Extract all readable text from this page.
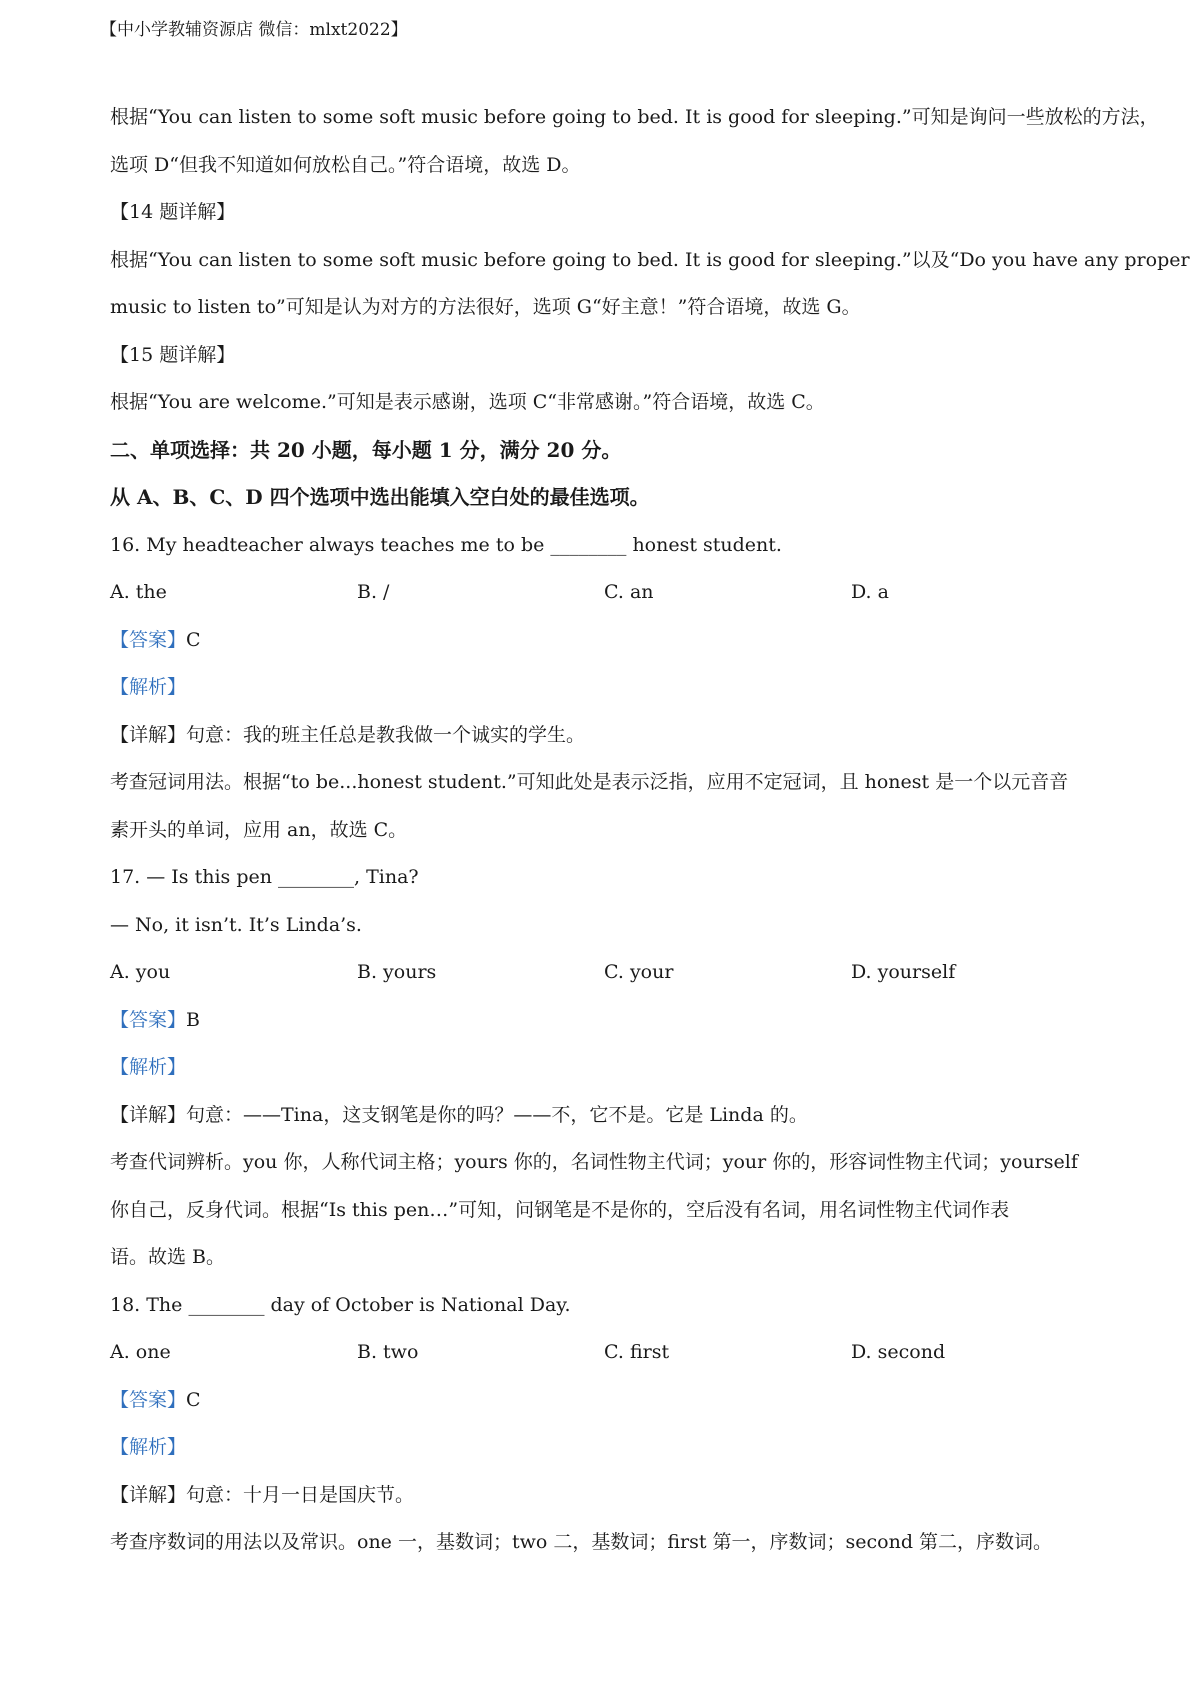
【中小学教辅资源店 微信：mlxt2022】
根据“You can listen to some soft music before going to bed. It is good for sleeping.”可知是询问一些放松的方法，
选项 D“但我不知道如何放松自己。”符合语境，故选 D。
【14 题详解】
根据“You can listen to some soft music before going to bed. It is good for sleeping.”以及“Do you have any proper
music to listen to”可知是认为对方的方法很好，选项 G“好主意！”符合语境，故选 G。
【15 题详解】
根据“You are welcome.”可知是表示感谢，选项 C“非常感谢。”符合语境，故选 C。
二、单项选择：共 20 小题，每小题 1 分，满分 20 分。
从 A、B、C、D 四个选项中选出能填入空白处的最佳选项。
16. My headteacher always teaches me to be ________ honest student.
A. the	B. /	C. an	D. a
【答案】C
【解析】
【详解】句意：我的班主任总是教我做一个诚实的学生。
考查冠词用法。根据“to be...honest student.”可知此处是表示泛指，应用不定冠词，且 honest 是一个以元音音
素开头的单词，应用 an，故选 C。
17. — Is this pen ________, Tina?
— No, it isn’t. It’s Linda’s.
A. you	B. yours	C. your	D. yourself
【答案】B
【解析】
【详解】句意：——Tina，这支钢笔是你的吗？——不，它不是。它是 Linda 的。
考查代词辨析。you 你，人称代词主格；yours 你的，名词性物主代词；your 你的，形容词性物主代词；yourself
你自己，反身代词。根据“Is this pen…”可知，问钢笔是不是你的，空后没有名词，用名词性物主代词作表
语。故选 B。
18. The ________ day of October is National Day.
A. one	B. two	C. first	D. second
【答案】C
【解析】
【详解】句意：十月一日是国庆节。
考查序数词的用法以及常识。one 一，基数词；two 二，基数词；first 第一，序数词；second 第二，序数词。
